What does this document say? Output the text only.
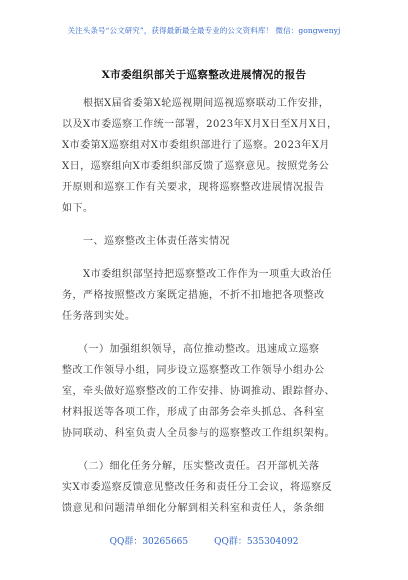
关注头条号“公文研究”，获得最新最全最专业的公文资料库！ 微信：gongwenyj
X市委组织部关于巡察整改进展情况的报告
　　根据X届省委第X轮巡视期间巡视巡察联动工作安排，
以及X市委巡察工作统一部署，2023年X月X日至X月X日，
X市委第X巡察组对X市委组织部进行了巡察。2023年X月
X日，巡察组向X市委组织部反馈了巡察意见。按照党务公
开原则和巡察工作有关要求，现将巡察整改进展情况报告
如下。
　　一、巡察整改主体责任落实情况
　　X市委组织部坚持把巡察整改工作作为一项重大政治任
务，严格按照整改方案既定措施，不折不扣地把各项整改
任务落到实处。
　　（一）加强组织领导，高位推动整改。迅速成立巡察
整改工作领导小组，同步设立巡察整改工作领导小组办公
室，牵头做好巡察整改的工作安排、协调推动、跟踪督办、
材料报送等各项工作，形成了由部务会牵头抓总、各科室
协同联动、科室负责人全员参与的巡察整改工作组织架构。
　　（二）细化任务分解，压实整改责任。召开部机关落
实X市委巡察反馈意见整改任务和责任分工会议，将巡察反
馈意见和问题清单细化分解到相关科室和责任人，条条细
QQ群：30265665	QQ群：535304092
